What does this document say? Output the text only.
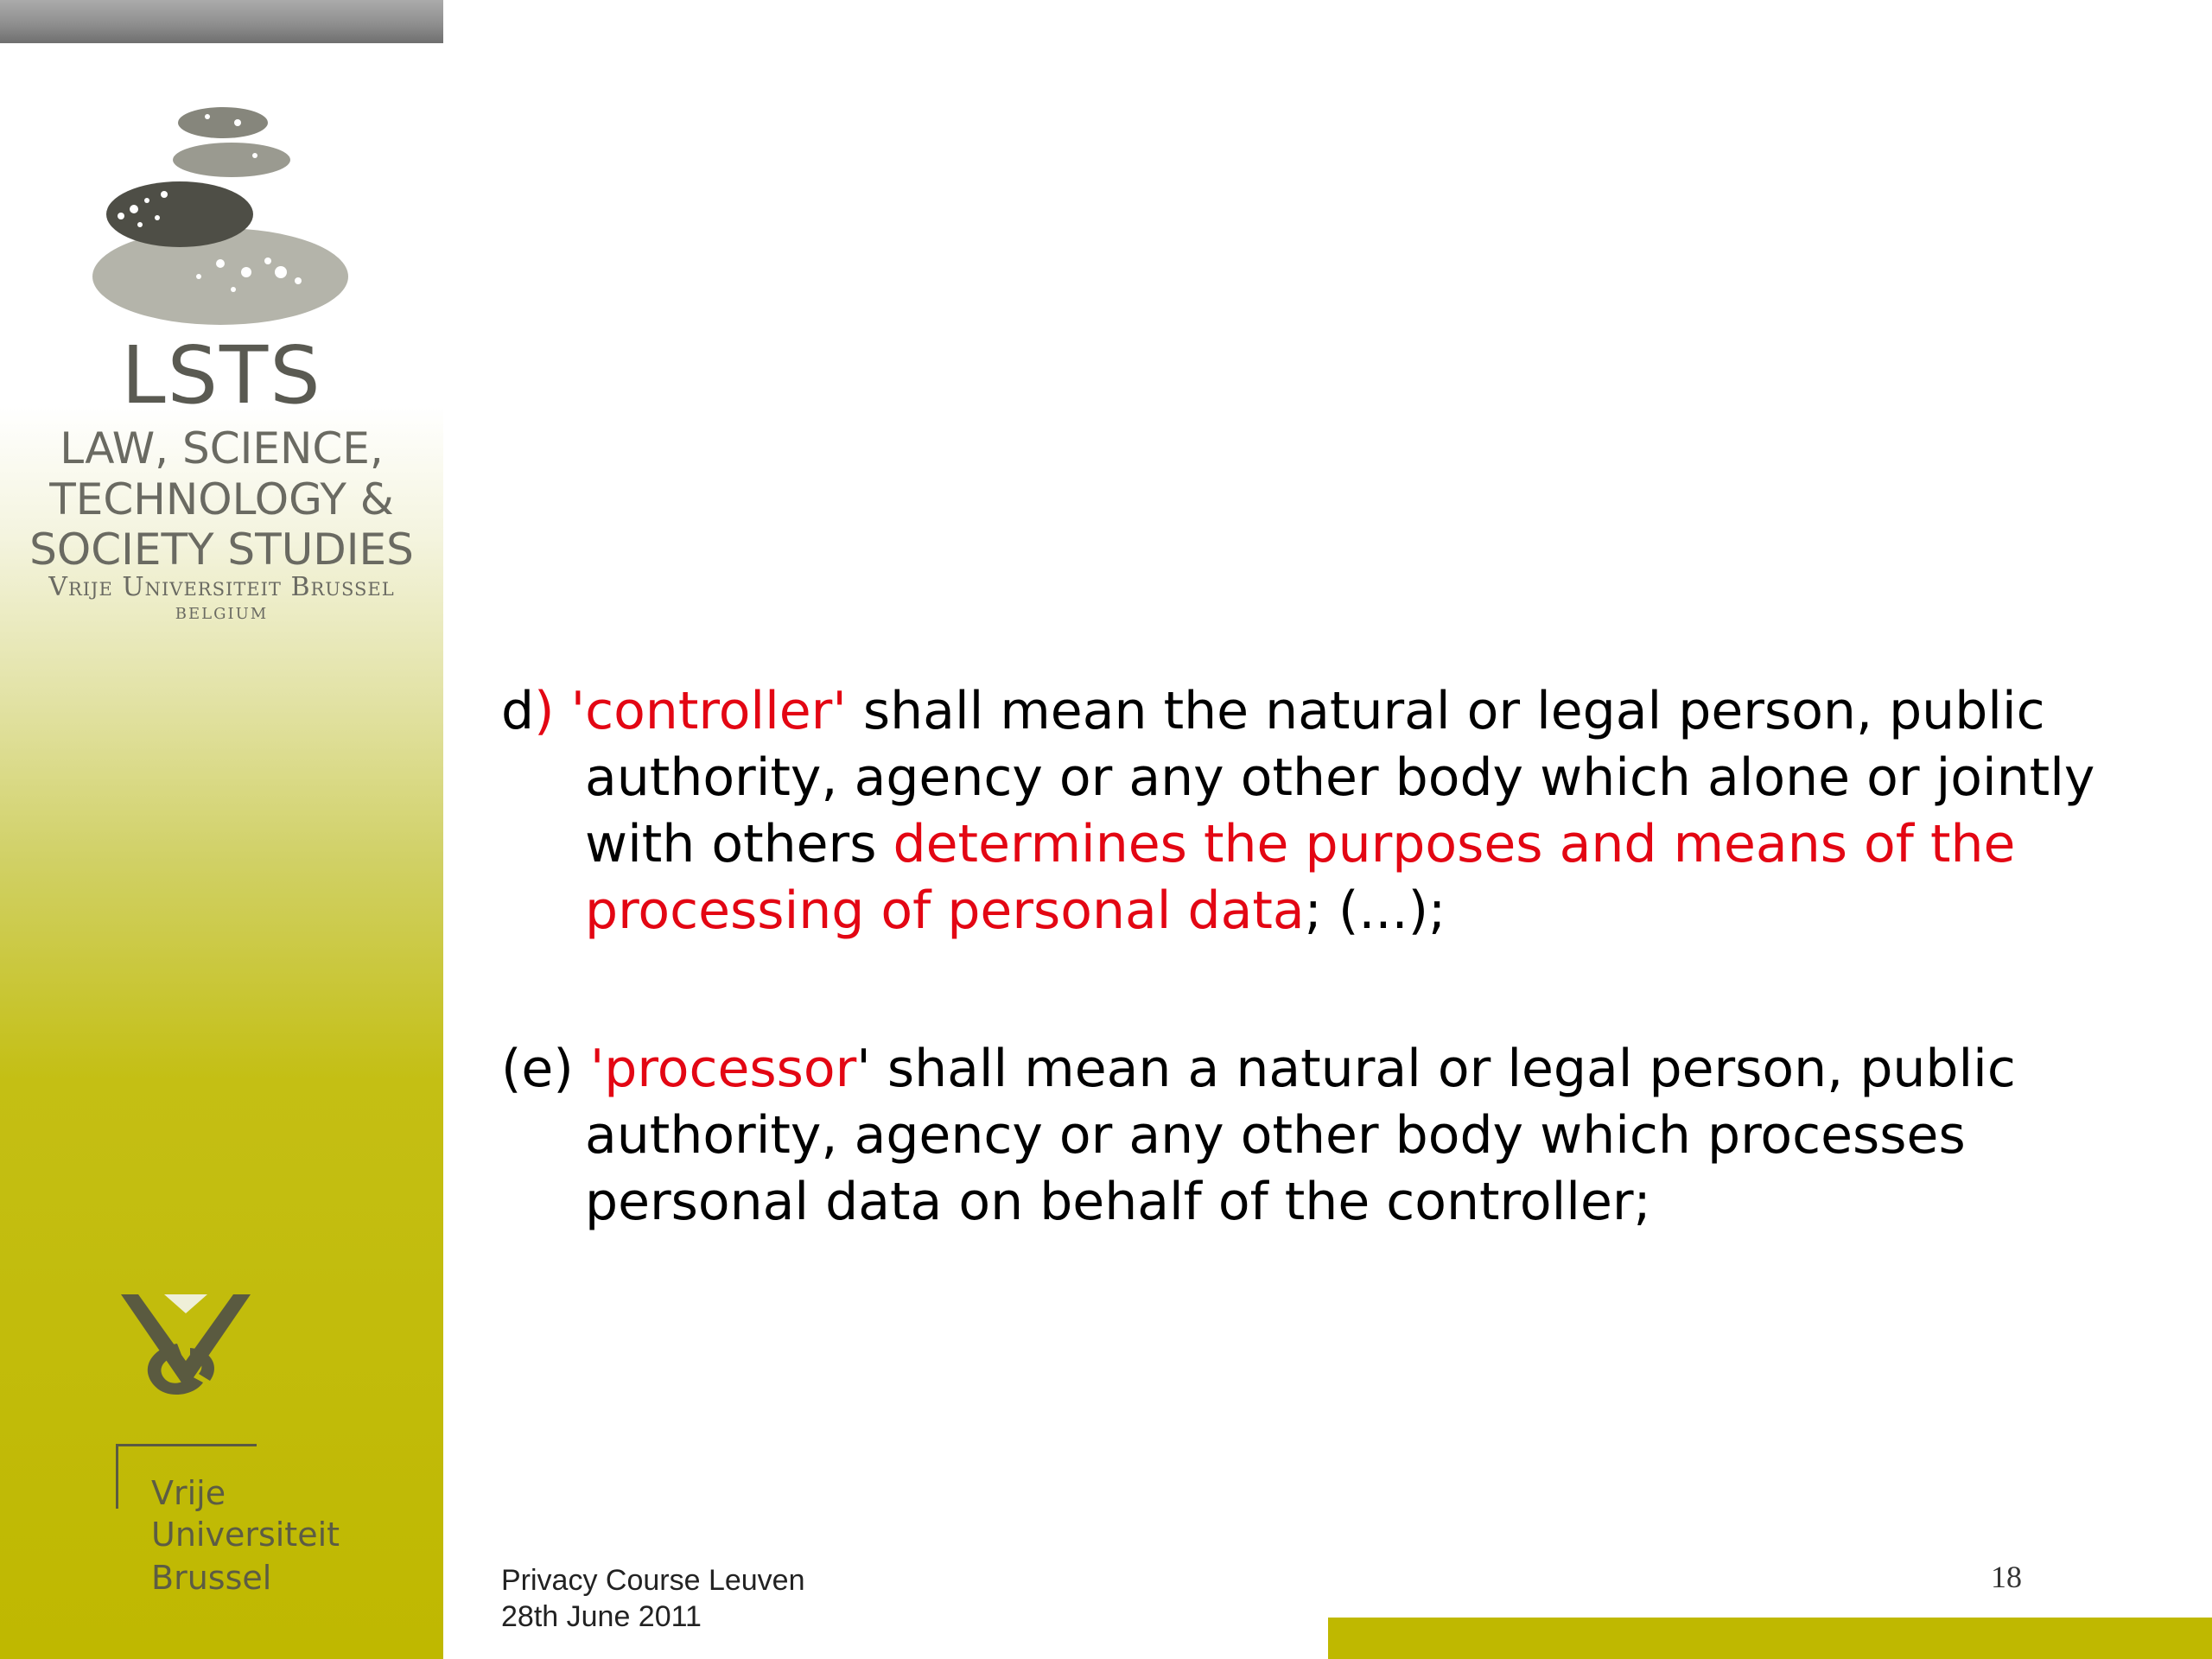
LSTS
LAW, SCIENCE,
TECHNOLOGY &
SOCIETY STUDIES
Vrije Universiteit Brussel
BELGIUM
Vrije
Universiteit
Brussel
d) 'controller' shall mean the natural or legal person, public authority, agency or any other body which alone or jointly with others determines the purposes and means of the processing of personal data; (...);
(e) 'processor' shall mean a natural or legal person, public authority, agency or any other body which processes personal data on behalf of the controller;
Privacy Course Leuven
28th June 2011
18
